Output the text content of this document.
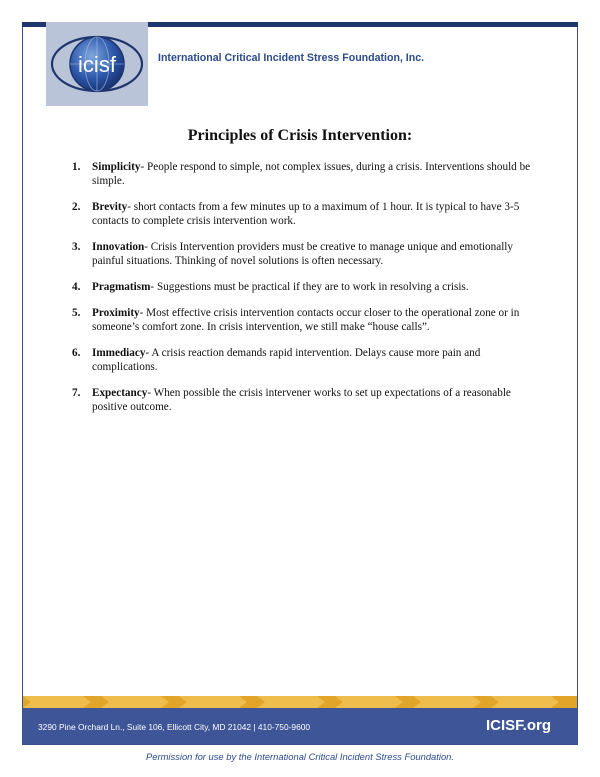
icisf	International Critical Incident Stress Foundation, Inc.
Principles of Crisis Intervention:
1. Simplicity- People respond to simple, not complex issues, during a crisis. Interventions should be simple.
2. Brevity- short contacts from a few minutes up to a maximum of 1 hour. It is typical to have 3-5 contacts to complete crisis intervention work.
3. Innovation- Crisis Intervention providers must be creative to manage unique and emotionally painful situations. Thinking of novel solutions is often necessary.
4. Pragmatism- Suggestions must be practical if they are to work in resolving a crisis.
5. Proximity- Most effective crisis intervention contacts occur closer to the operational zone or in someone’s comfort zone. In crisis intervention, we still make “house calls”.
6. Immediacy- A crisis reaction demands rapid intervention. Delays cause more pain and complications.
7. Expectancy- When possible the crisis intervener works to set up expectations of a reasonable positive outcome.
3290 Pine Orchard Ln., Suite 106, Ellicott City, MD 21042 | 410-750-9600	ICISF.org
Permission for use by the International Critical Incident Stress Foundation.
